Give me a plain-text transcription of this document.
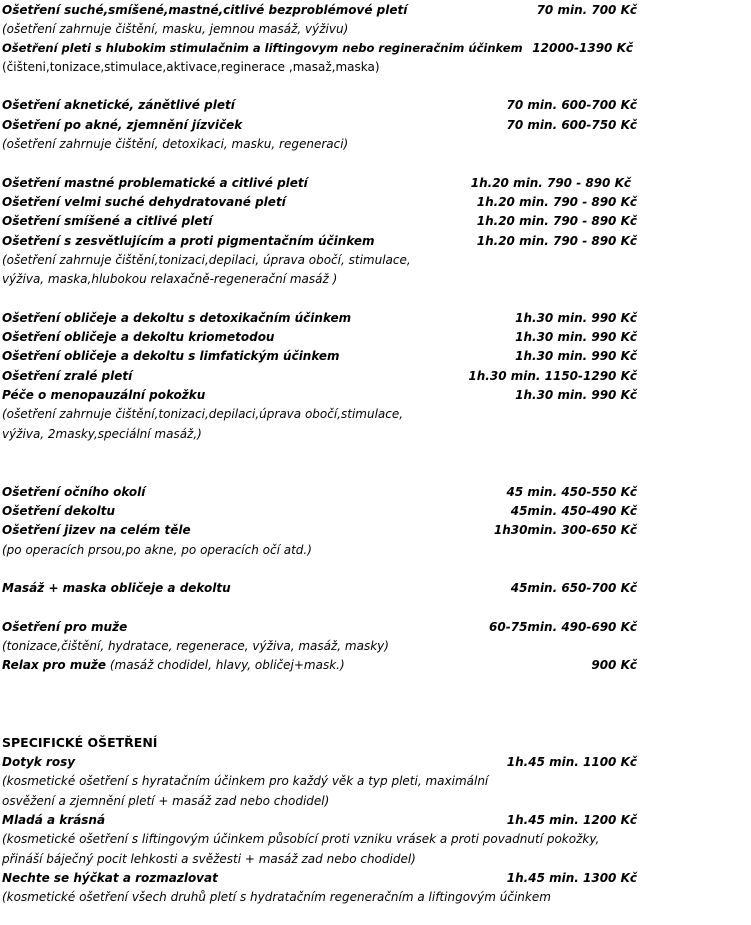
Ošetření suché,smíšené,mastné,citlivé bezproblémové pletí	70 min. 700 Kč
(ošetření zahrnuje čištění, masku, jemnou masáž, výživu)
Ošetření pleti s hlubokim stimulačnim a liftingovym nebo regineračnim účinkem 12000-1390 Kč
(čišteni,tonizace,stimulace,aktivace,reginerace ,masaž,maska)
Ošetření aknetické, zánětlivé pletí	70 min. 600-700 Kč
Ošetření po akné, zjemnění jízviček	70 min. 600-750 Kč
(ošetření zahrnuje čištění, detoxikaci, masku, regeneraci)
Ošetření mastné problematické a citlivé pletí	1h.20 min. 790 - 890 Kč
Ošetření velmi suché dehydratované pletí	1h.20 min. 790 - 890 Kč
Ošetření smíšené a citlivé pletí	1h.20 min. 790 - 890 Kč
Ošetření s zesvětlujícím a proti pigmentačním účinkem	1h.20 min. 790 - 890 Kč
(ošetření zahrnuje čištění,tonizaci,depilaci, úprava obočí, stimulace,
výživa, maska,hlubokou relaxačně-regenerační masáž )
Ošetření obličeje a dekoltu s detoxikačním účinkem	1h.30 min. 990 Kč
Ošetření obličeje a dekoltu kriometodou	1h.30 min. 990 Kč
Ošetření obličeje a dekoltu s limfatickým účinkem	1h.30 min. 990 Kč
Ošetření zralé pletí	1h.30 min. 1150-1290 Kč
Péče o menopauzální pokožku	1h.30 min. 990 Kč
(ošetření zahrnuje čištění,tonizaci,depilaci,úprava obočí,stimulace,
výživa, 2masky,speciální masáž,)
Ošetření očního okolí	45 min. 450-550 Kč
Ošetření dekoltu	45min. 450-490 Kč
Ošetření jizev na celém těle	1h30min. 300-650 Kč
(po operacích prsou,po akne, po operacích očí atd.)
Masáž + maska obličeje a dekoltu	45min. 650-700 Kč
Ošetření pro muže	60-75min. 490-690 Kč
(tonizace,čištění, hydratace, regenerace, výživa, masáž, masky)
Relax pro muže (masáž chodidel, hlavy, obličej+mask.)	900 Kč
SPECIFICKÉ OŠETŘENÍ
Dotyk rosy	1h.45 min. 1100 Kč
(kosmetické ošetření s hyratačním účinkem pro každý věk a typ pleti, maximální
osvěžení a zjemnění pletí + masáž zad nebo chodidel)
Mladá a krásná	1h.45 min. 1200 Kč
(kosmetické ošetření s liftingovým účinkem působící proti vzniku vrásek a proti povadnutí pokožky,
přináší báječný pocit lehkosti a svěžesti + masáž zad nebo chodidel)
Nechte se hýčkat a rozmazlovat	1h.45 min. 1300 Kč
(kosmetické ošetření všech druhů pletí s hydratačním regeneračním a liftingovým účinkem
